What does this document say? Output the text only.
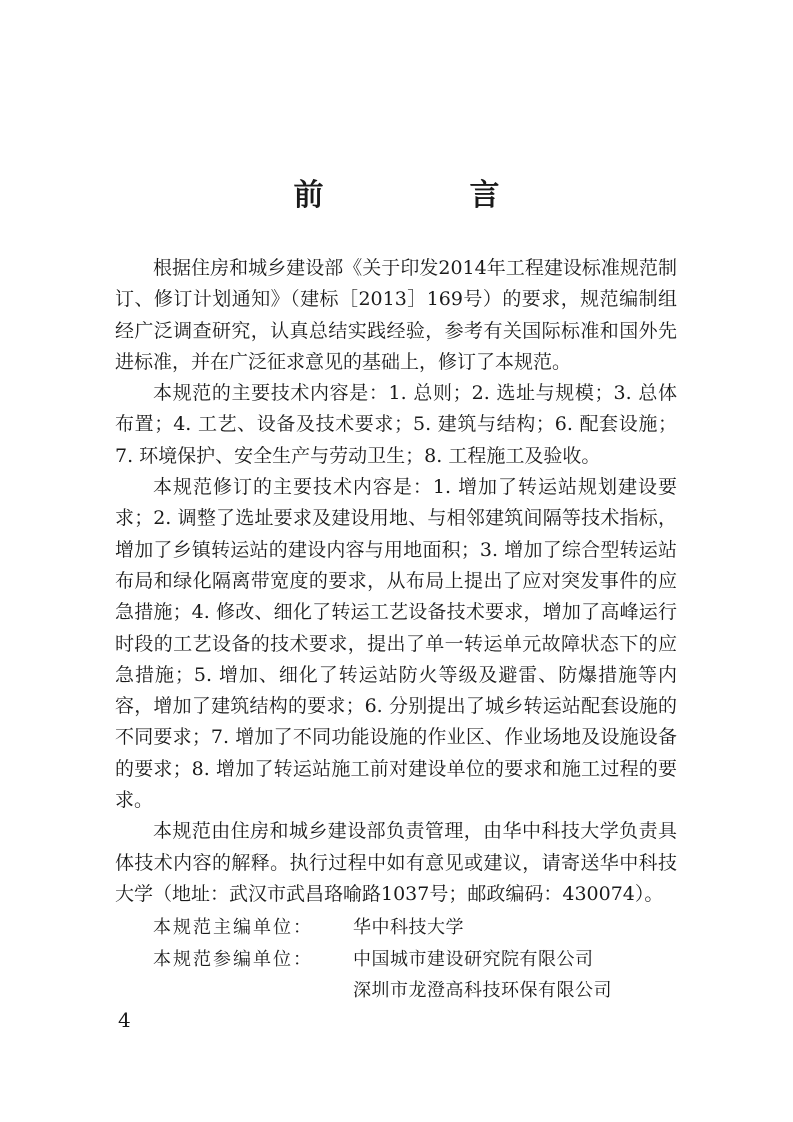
前　言

根据住房和城乡建设部《关于印发2014年工程建设标准规范制订、修订计划通知》（建标［2013］169号）的要求，规范编制组经广泛调查研究，认真总结实践经验，参考有关国际标准和国外先进标准，并在广泛征求意见的基础上，修订了本规范。

本规范的主要技术内容是：1. 总则；2. 选址与规模；3. 总体布置；4. 工艺、设备及技术要求；5. 建筑与结构；6. 配套设施；7. 环境保护、安全生产与劳动卫生；8. 工程施工及验收。

本规范修订的主要技术内容是：1. 增加了转运站规划建设要求；2. 调整了选址要求及建设用地、与相邻建筑间隔等技术指标，增加了乡镇转运站的建设内容与用地面积；3. 增加了综合型转运站布局和绿化隔离带宽度的要求，从布局上提出了应对突发事件的应急措施；4. 修改、细化了转运工艺设备技术要求，增加了高峰运行时段的工艺设备的技术要求，提出了单一转运单元故障状态下的应急措施；5. 增加、细化了转运站防火等级及避雷、防爆措施等内容，增加了建筑结构的要求；6. 分别提出了城乡转运站配套设施的不同要求；7. 增加了不同功能设施的作业区、作业场地及设施设备的要求；8. 增加了转运站施工前对建设单位的要求和施工过程的要求。

本规范由住房和城乡建设部负责管理，由华中科技大学负责具体技术内容的解释。执行过程中如有意见或建议，请寄送华中科技大学（地址：武汉市武昌珞喻路1037号；邮政编码：430074）。

本规范主编单位：	华中科技大学
本规范参编单位：	中国城市建设研究院有限公司
深圳市龙澄高科技环保有限公司
4
